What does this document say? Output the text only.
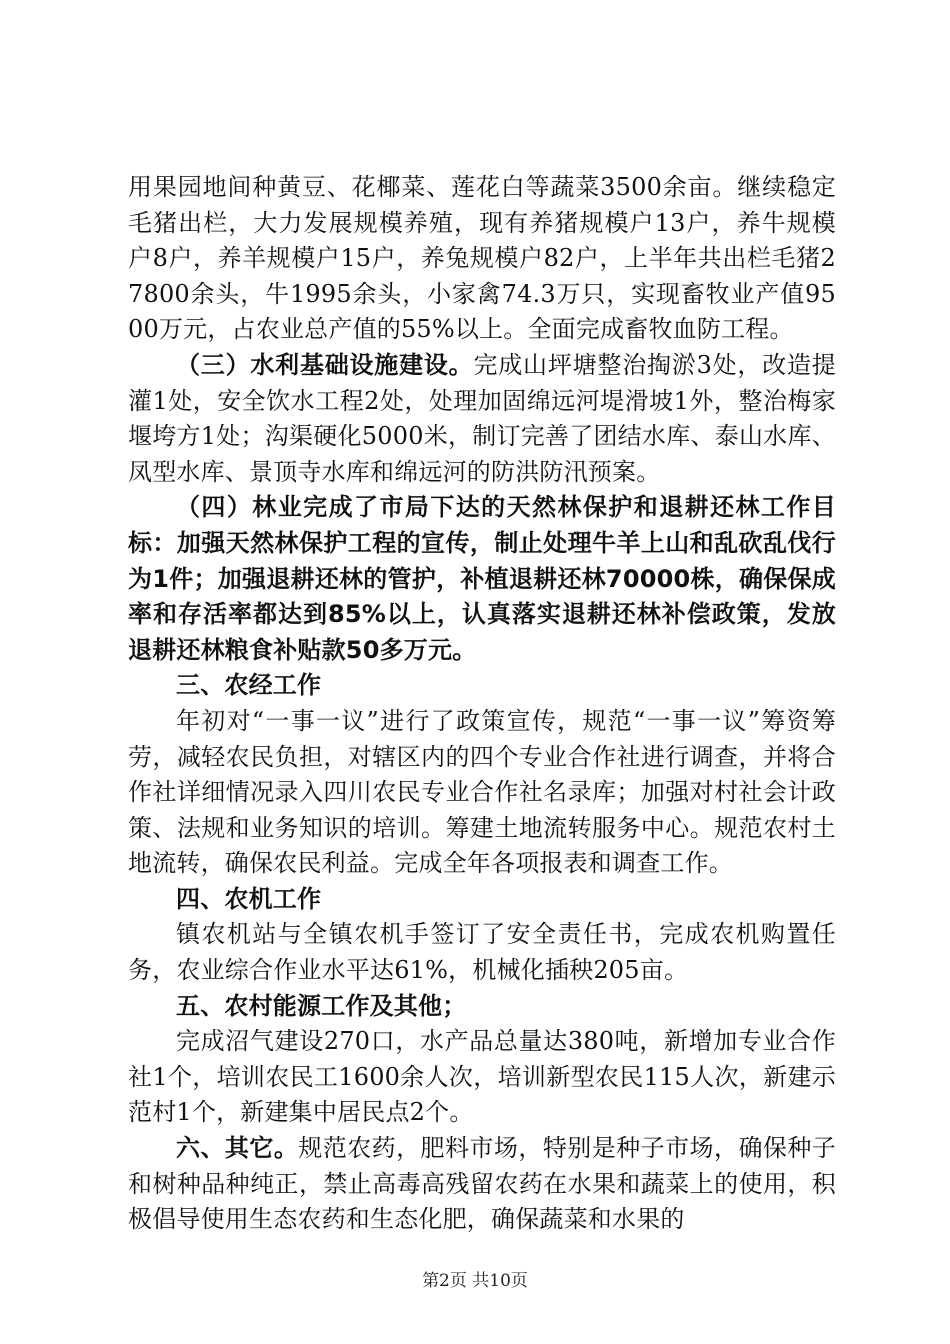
用果园地间种黄豆、花椰菜、莲花白等蔬菜3500余亩。继续稳定毛猪出栏，大力发展规模养殖，现有养猪规模户13户，养牛规模户8户，养羊规模户15户，养兔规模户82户，上半年共出栏毛猪27800余头，牛1995余头，小家禽74.3万只，实现畜牧业产值9500万元，占农业总产值的55%以上。全面完成畜牧血防工程。

（三）水利基础设施建设。完成山坪塘整治掏淤3处，改造提灌1处，安全饮水工程2处，处理加固绵远河堤滑坡1外，整治梅家堰垮方1处；沟渠硬化5000米，制订完善了团结水库、泰山水库、凤型水库、景顶寺水库和绵远河的防洪防汛预案。

（四）林业完成了市局下达的天然林保护和退耕还林工作目标：加强天然林保护工程的宣传，制止处理牛羊上山和乱砍乱伐行为1件；加强退耕还林的管护，补植退耕还林70000株，确保保成率和存活率都达到85%以上，认真落实退耕还林补偿政策，发放退耕还林粮食补贴款50多万元。

三、农经工作

年初对“一事一议”进行了政策宣传，规范“一事一议”筹资筹劳，减轻农民负担，对辖区内的四个专业合作社进行调查，并将合作社详细情况录入四川农民专业合作社名录库；加强对村社会计政策、法规和业务知识的培训。筹建土地流转服务中心。规范农村土地流转，确保农民利益。完成全年各项报表和调查工作。

四、农机工作

镇农机站与全镇农机手签订了安全责任书，完成农机购置任务，农业综合作业水平达61%，机械化插秧205亩。

五、农村能源工作及其他；

完成沼气建设270口，水产品总量达380吨，新增加专业合作社1个，培训农民工1600余人次，培训新型农民115人次，新建示范村1个，新建集中居民点2个。

六、其它。规范农药，肥料市场，特别是种子市场，确保种子和树种品种纯正，禁止高毒高残留农药在水果和蔬菜上的使用，积极倡导使用生态农药和生态化肥，确保蔬菜和水果的

第2页 共10页
